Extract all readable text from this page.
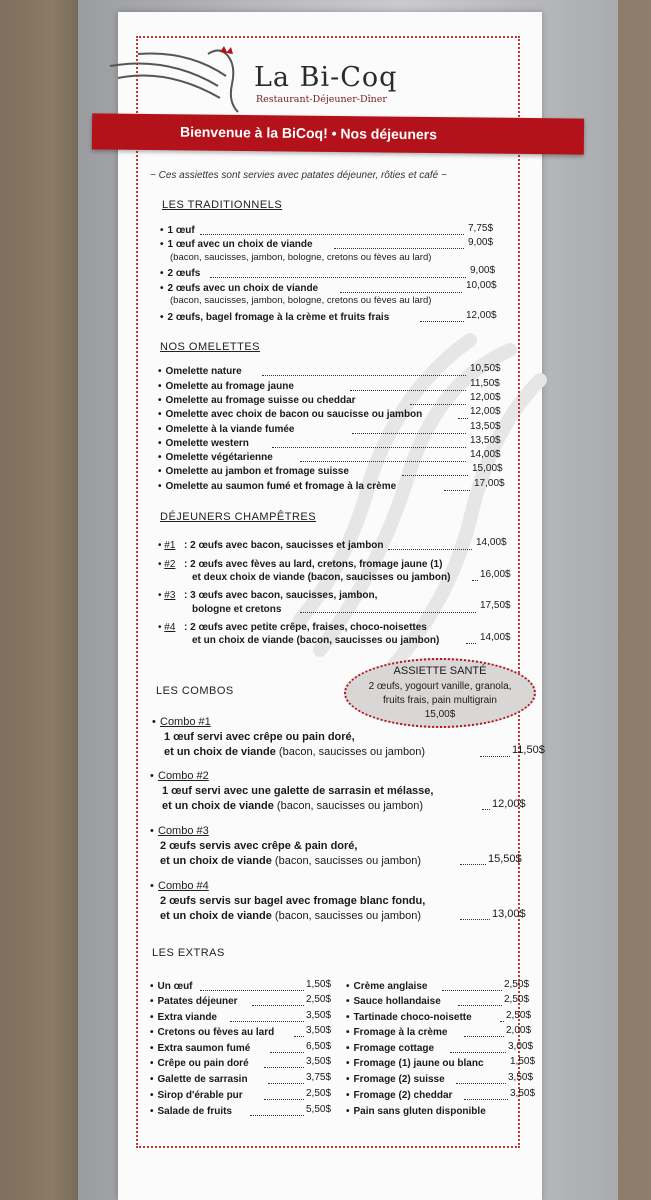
La Bi-Coq
Restaurant-Déjeuner-Dîner
Bienvenue à la BiCoq! • Nos déjeuners
~ Ces assiettes sont servies avec patates déjeuner, rôties et café ~
LES TRADITIONNELS
• 1 œuf	7,75$
• 1 œuf avec un choix de viande	9,00$
(bacon, saucisses, jambon, bologne, cretons ou fèves au lard)
• 2 œufs	9,00$
• 2 œufs avec un choix de viande	10,00$
(bacon, saucisses, jambon, bologne, cretons ou fèves au lard)
• 2 œufs, bagel fromage à la crème et fruits frais	12,00$
NOS OMELETTES
• Omelette nature	10,50$
• Omelette au fromage jaune	11,50$
• Omelette au fromage suisse ou cheddar	12,00$
• Omelette avec choix de bacon ou saucisse ou jambon	12,00$
• Omelette à la viande fumée	13,50$
• Omelette western	13,50$
• Omelette végétarienne	14,00$
• Omelette au jambon et fromage suisse	15,00$
• Omelette au saumon fumé et fromage à la crème	17,00$
DÉJEUNERS CHAMPÊTRES
• #1 : 2 œufs avec bacon, saucisses et jambon	14,00$
• #2 : 2 œufs avec fèves au lard, cretons, fromage jaune (1)
et deux choix de viande (bacon, saucisses ou jambon)	16,00$
• #3 : 3 œufs avec bacon, saucisses, jambon,
bologne et cretons	17,50$
• #4 : 2 œufs avec petite crêpe, fraises, choco-noisettes
et un choix de viande (bacon, saucisses ou jambon)	14,00$
ASSIETTE SANTÉ
2 œufs, yogourt vanille, granola,
fruits frais, pain multigrain
15,00$
LES COMBOS
• Combo #1
1 œuf servi avec crêpe ou pain doré,
et un choix de viande (bacon, saucisses ou jambon)	11,50$
• Combo #2
1 œuf servi avec une galette de sarrasin et mélasse,
et un choix de viande (bacon, saucisses ou jambon)	12,00$
• Combo #3
2 œufs servis avec crêpe & pain doré,
et un choix de viande (bacon, saucisses ou jambon)	15,50$
• Combo #4
2 œufs servis sur bagel avec fromage blanc fondu,
et un choix de viande (bacon, saucisses ou jambon)	13,00$
LES EXTRAS
• Un œuf	1,50$
• Patates déjeuner	2,50$
• Extra viande	3,50$
• Cretons ou fèves au lard	3,50$
• Extra saumon fumé	6,50$
• Crêpe ou pain doré	3,50$
• Galette de sarrasin	3,75$
• Sirop d'érable pur	2,50$
• Salade de fruits	5,50$
• Crème anglaise	2,50$
• Sauce hollandaise	2,50$
• Tartinade choco-noisette	2,50$
• Fromage à la crème	2,00$
• Fromage cottage	3,00$
• Fromage (1) jaune ou blanc	1,50$
• Fromage (2) suisse	3,50$
• Fromage (2) cheddar	3,50$
• Pain sans gluten disponible
